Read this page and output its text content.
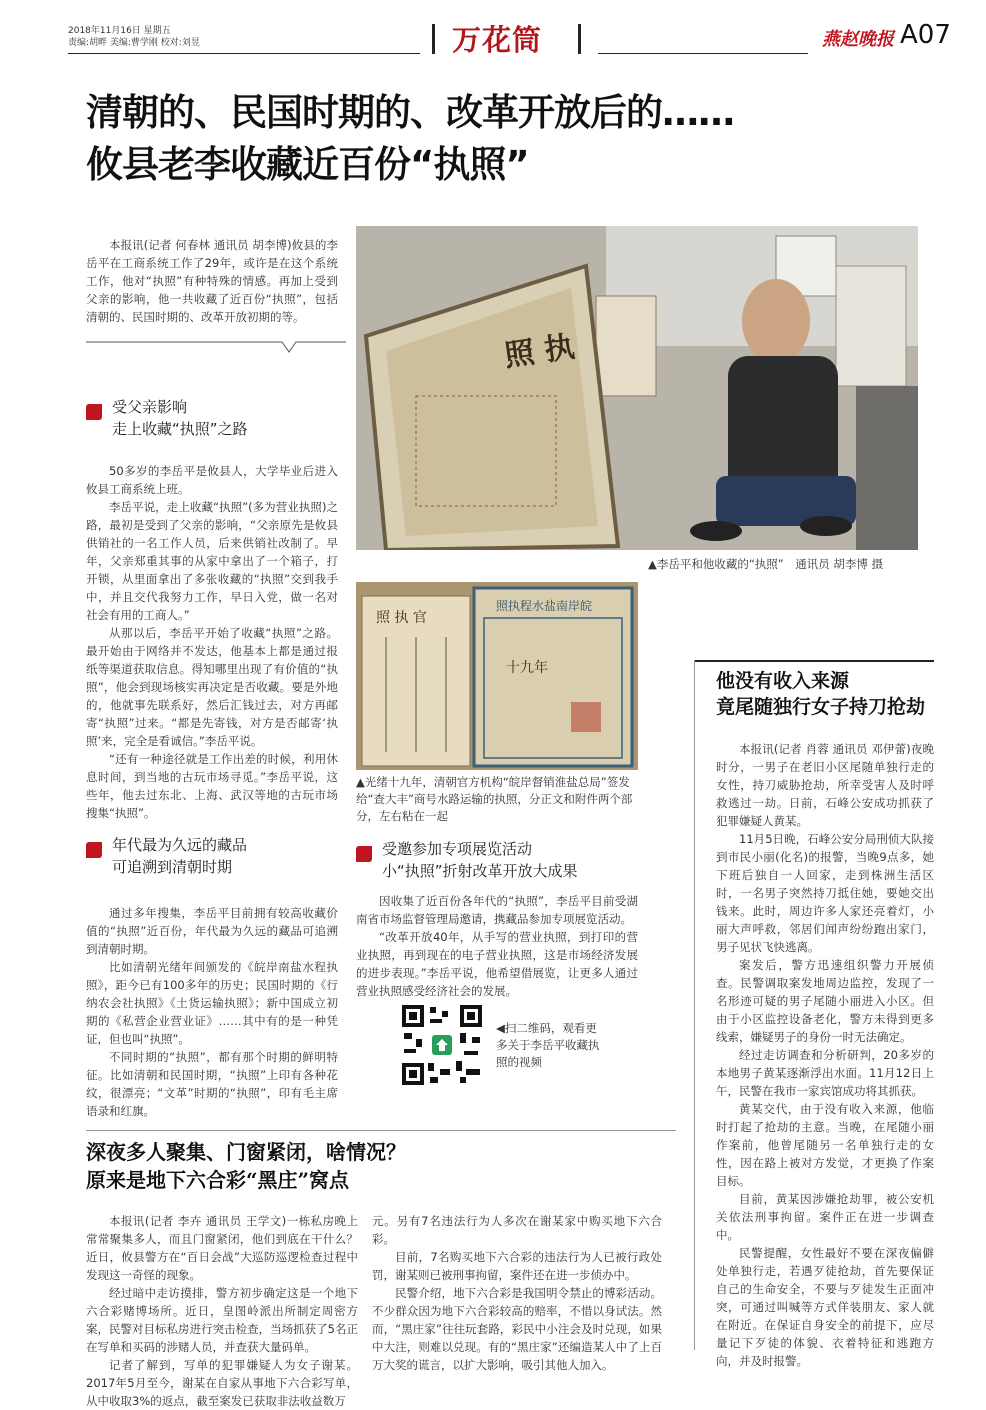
2018年11月16日 星期五
责编:胡畔 美编:曹学刚 校对:刘昱	万花筒	燕赵晚报 A07
清朝的、民国时期的、改革开放后的……
攸县老李收藏近百份“执照”

本报讯(记者 何春林 通讯员 胡李博)攸县的李岳平在工商系统工作了29年，或许是在这个系统工作，他对“执照”有种特殊的情感。再加上受到父亲的影响，他一共收藏了近百份“执照”，包括清朝的、民国时期的、改革开放初期的等。

受父亲影响
走上收藏“执照”之路

50多岁的李岳平是攸县人，大学毕业后进入攸县工商系统上班。

李岳平说，走上收藏“执照”(多为营业执照)之路，最初是受到了父亲的影响，“父亲原先是攸县供销社的一名工作人员，后来供销社改制了。早年，父亲郑重其事的从家中拿出了一个箱子，打开锁，从里面拿出了多张收藏的“执照”交到我手中，并且交代我努力工作，早日入党，做一名对社会有用的工商人。”

从那以后，李岳平开始了收藏“执照”之路。最开始由于网络并不发达，他基本上都是通过报纸等渠道获取信息。得知哪里出现了有价值的“执照”，他会到现场核实再决定是否收藏。要是外地的，他就事先联系好，然后汇钱过去，对方再邮寄“执照”过来。“都是先寄钱，对方是否邮寄‘执照’来，完全是看诚信。”李岳平说。

“还有一种途径就是工作出差的时候，利用休息时间，到当地的古玩市场寻觅。”李岳平说，这些年，他去过东北、上海、武汉等地的古玩市场搜集“执照”。

年代最为久远的藏品
可追溯到清朝时期

通过多年搜集，李岳平目前拥有较高收藏价值的“执照”近百份，年代最为久远的藏品可追溯到清朝时期。

比如清朝光绪年间颁发的《皖岸南盐水程执照》，距今已有100多年的历史；民国时期的《行纳农会社执照》《土货运输执照》；新中国成立初期的《私营企业营业证》……其中有的是一种凭证，但也叫“执照”。

不同时期的“执照”，都有那个时期的鲜明特征。比如清朝和民国时期，“执照”上印有各种花纹，很漂亮；“文革”时期的“执照”，印有毛主席语录和红旗。

照 执
▲李岳平和他收藏的“执照”　通讯员 胡李博 摄
照 执 官
照执程水盐南岸皖
十九年
▲光绪十九年，清朝官方机构“皖岸督销淮盐总局”签发给“查大丰”商号水路运输的执照，分正文和附件两个部分，左右粘在一起
受邀参加专项展览活动
小“执照”折射改革开放大成果

因收集了近百份各年代的“执照”，李岳平目前受湖南省市场监督管理局邀请，携藏品参加专项展览活动。

“改革开放40年，从手写的营业执照，到打印的营业执照，再到现在的电子营业执照，这是市场经济发展的进步表现。”李岳平说，他希望借展览，让更多人通过营业执照感受经济社会的发展。

◀扫二维码，观看更多关于李岳平收藏执照的视频
他没有收入来源
竟尾随独行女子持刀抢劫

本报讯(记者 肖蓉 通讯员 邓伊蕾)夜晚时分，一男子在老旧小区尾随单独行走的女性，持刀威胁抢劫，所幸受害人及时呼救逃过一劫。日前，石峰公安成功抓获了犯罪嫌疑人黄某。

11月5日晚，石峰公安分局刑侦大队接到市民小丽(化名)的报警，当晚9点多，她下班后独自一人回家，走到株洲生活区时，一名男子突然持刀抵住她，要她交出钱来。此时，周边许多人家还亮着灯，小丽大声呼救，邻居们闻声纷纷跑出家门，男子见状飞快逃离。

案发后，警方迅速组织警力开展侦查。民警调取案发地周边监控，发现了一名形迹可疑的男子尾随小丽进入小区。但由于小区监控设备老化，警方未得到更多线索，嫌疑男子的身份一时无法确定。

经过走访调查和分析研判，20多岁的本地男子黄某逐渐浮出水面。11月12日上午，民警在我市一家宾馆成功将其抓获。

黄某交代，由于没有收入来源，他临时打起了抢劫的主意。当晚，在尾随小丽作案前，他曾尾随另一名单独行走的女性，因在路上被对方发觉，才更换了作案目标。

目前，黄某因涉嫌抢劫罪，被公安机关依法刑事拘留。案件正在进一步调查中。

民警提醒，女性最好不要在深夜偏僻处单独行走，若遇歹徒抢劫，首先要保证自己的生命安全，不要与歹徒发生正面冲突，可通过叫喊等方式佯装朋友、家人就在附近。在保证自身安全的前提下，应尽量记下歹徒的体貌、衣着特征和逃跑方向，并及时报警。

深夜多人聚集、门窗紧闭，啥情况？
原来是地下六合彩“黑庄”窝点

本报讯(记者 李卉 通讯员 王学文)一栋私房晚上常常聚集多人，而且门窗紧闭，他们到底在干什么？近日，攸县警方在“百日会战”大巡防巡逻检查过程中发现这一奇怪的现象。

经过暗中走访摸排，警方初步确定这是一个地下六合彩赌博场所。近日，皇图岭派出所制定周密方案，民警对目标私房进行突击检查，当场抓获了5名正在写单和买码的涉赌人员，并查获大量码单。

记者了解到，写单的犯罪嫌疑人为女子谢某。2017年5月至今，谢某在自家从事地下六合彩写单，从中收取3%的返点，截至案发已获取非法收益数万

元。另有7名违法行为人多次在谢某家中购买地下六合彩。

目前，7名购买地下六合彩的违法行为人已被行政处罚，谢某则已被刑事拘留，案件还在进一步侦办中。

民警介绍，地下六合彩是我国明令禁止的博彩活动。不少群众因为地下六合彩较高的赔率，不惜以身试法。然而，“黑庄家”往往玩套路，彩民中小注会及时兑现，如果中大注，则难以兑现。有的“黑庄家”还编造某人中了上百万大奖的谎言，以扩大影响，吸引其他人加入。
